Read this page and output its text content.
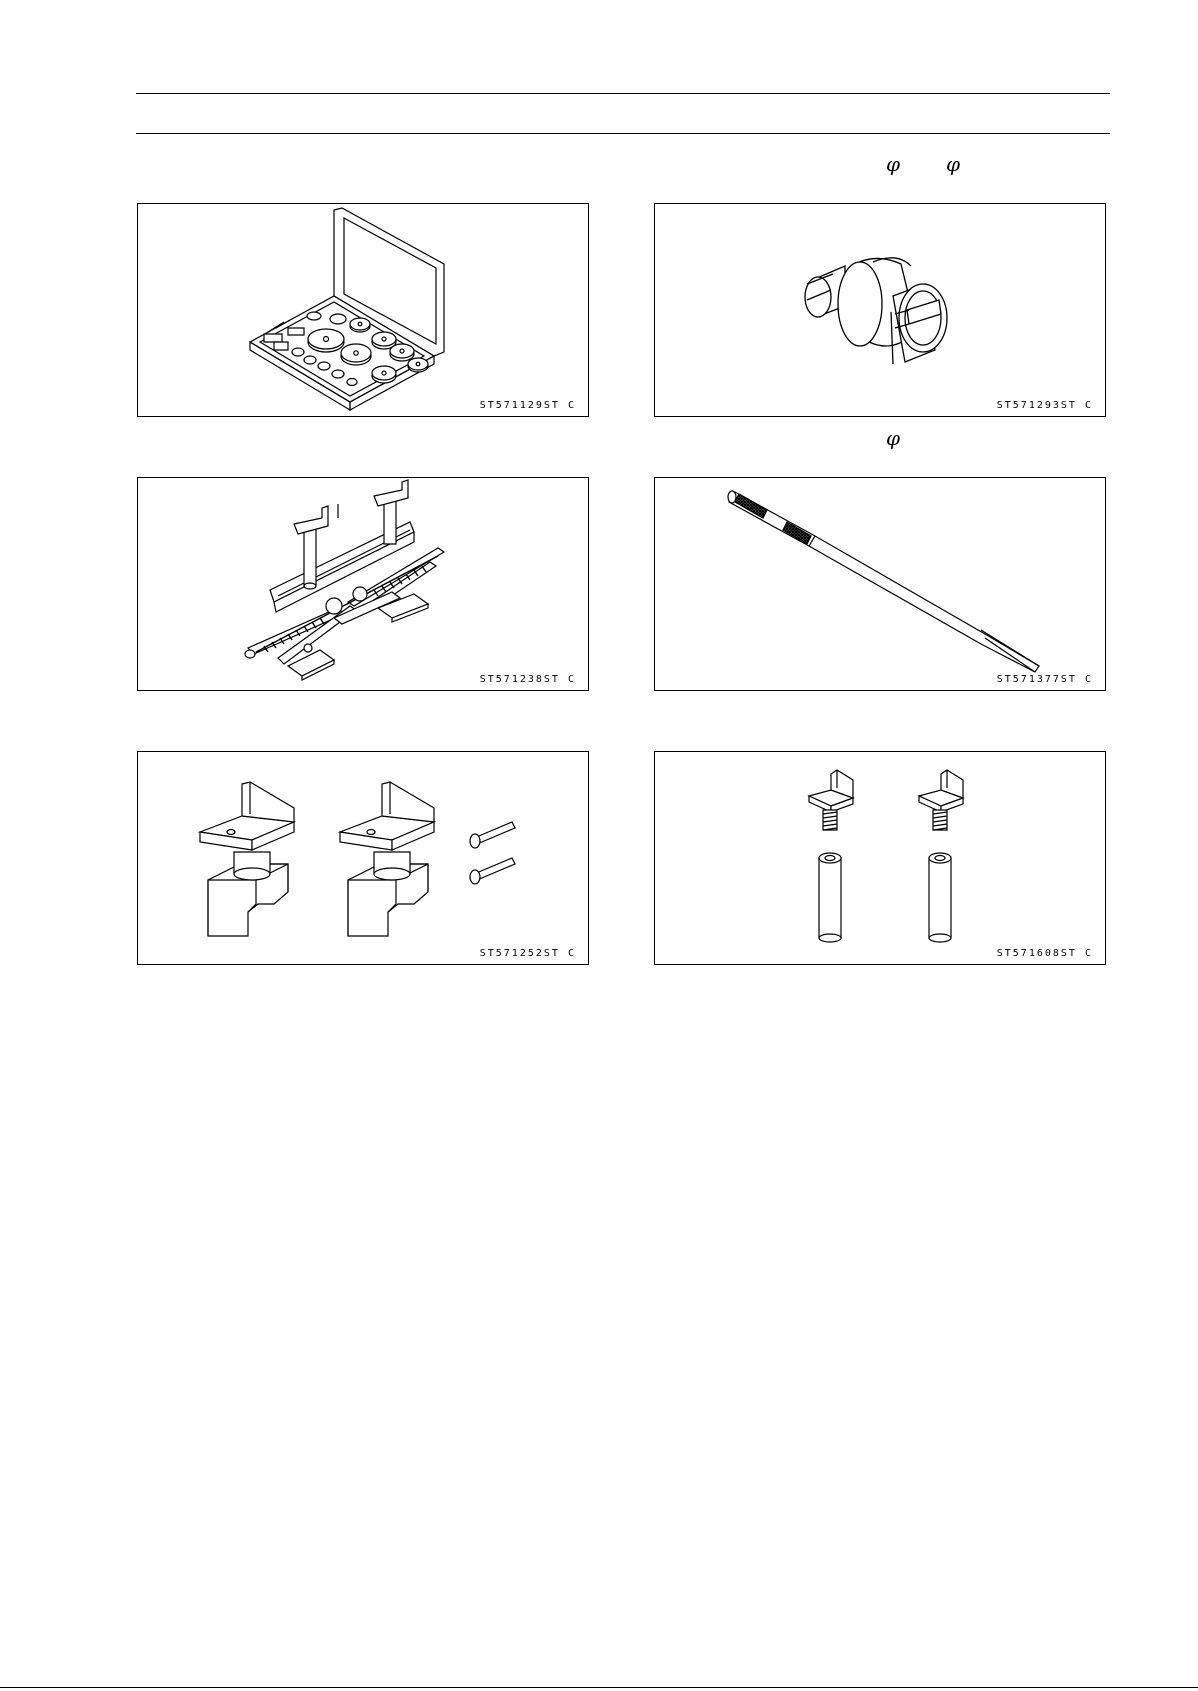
φ φ
φ
ST571129ST C	ST571293ST C
ST571238ST C	ST571377ST C
ST571252ST C	ST571608ST C
